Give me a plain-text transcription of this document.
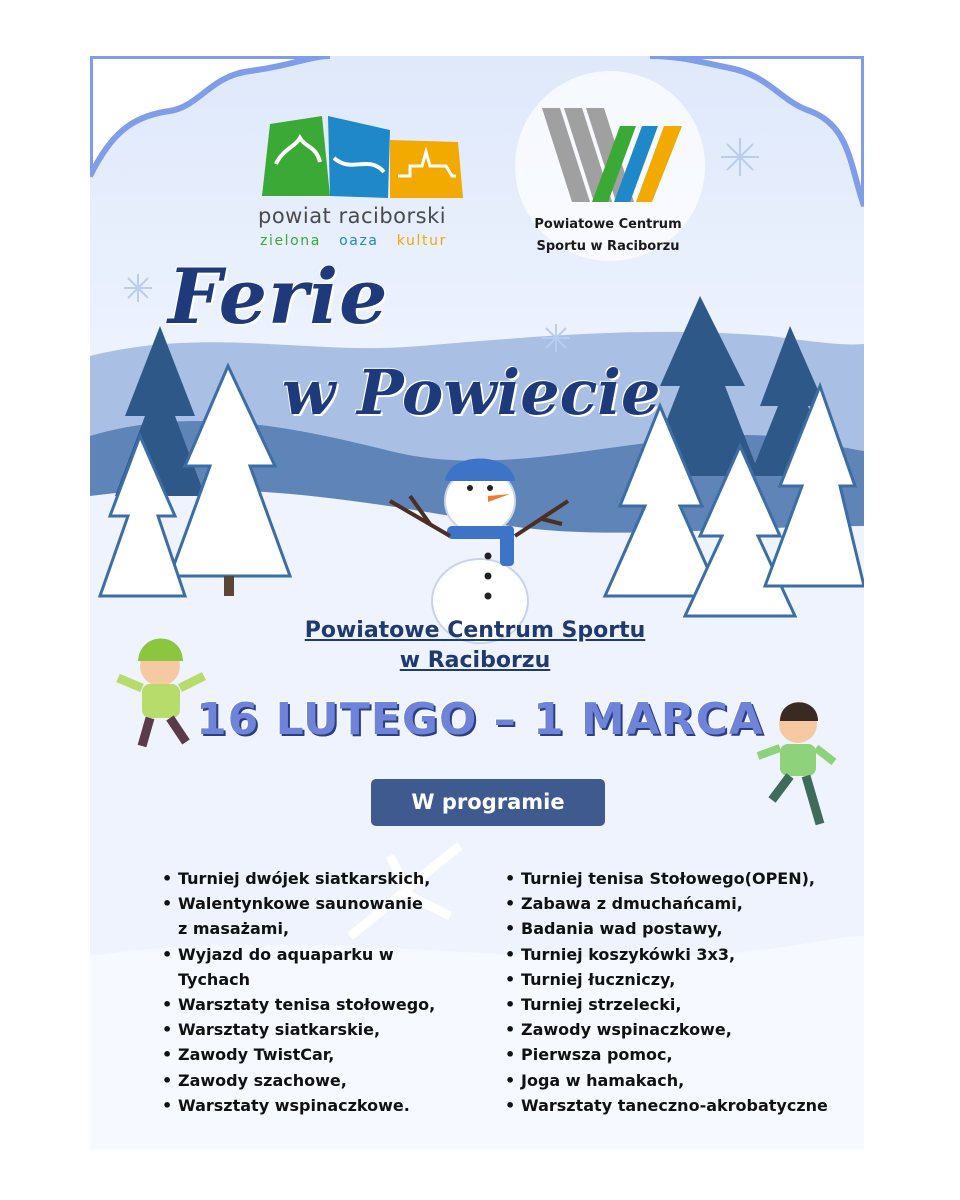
powiat raciborski
zielona oaza kultur
Powiatowe Centrum
Sportu w Raciborzu
Ferie
w Powiecie
Powiatowe Centrum Sportu
w Raciborzu
16 LUTEGO – 1 MARCA
W programie
• Turniej dwójek siatkarskich,
• Walentynkowe saunowanie
z masażami,
• Wyjazd do aquaparku w
Tychach
• Warsztaty tenisa stołowego,
• Warsztaty siatkarskie,
• Zawody TwistCar,
• Zawody szachowe,
• Warsztaty wspinaczkowe.
• Turniej tenisa Stołowego(OPEN),
• Zabawa z dmuchańcami,
• Badania wad postawy,
• Turniej koszykówki 3x3,
• Turniej łuczniczy,
• Turniej strzelecki,
• Zawody wspinaczkowe,
• Pierwsza pomoc,
• Joga w hamakach,
• Warsztaty taneczno-akrobatyczne
